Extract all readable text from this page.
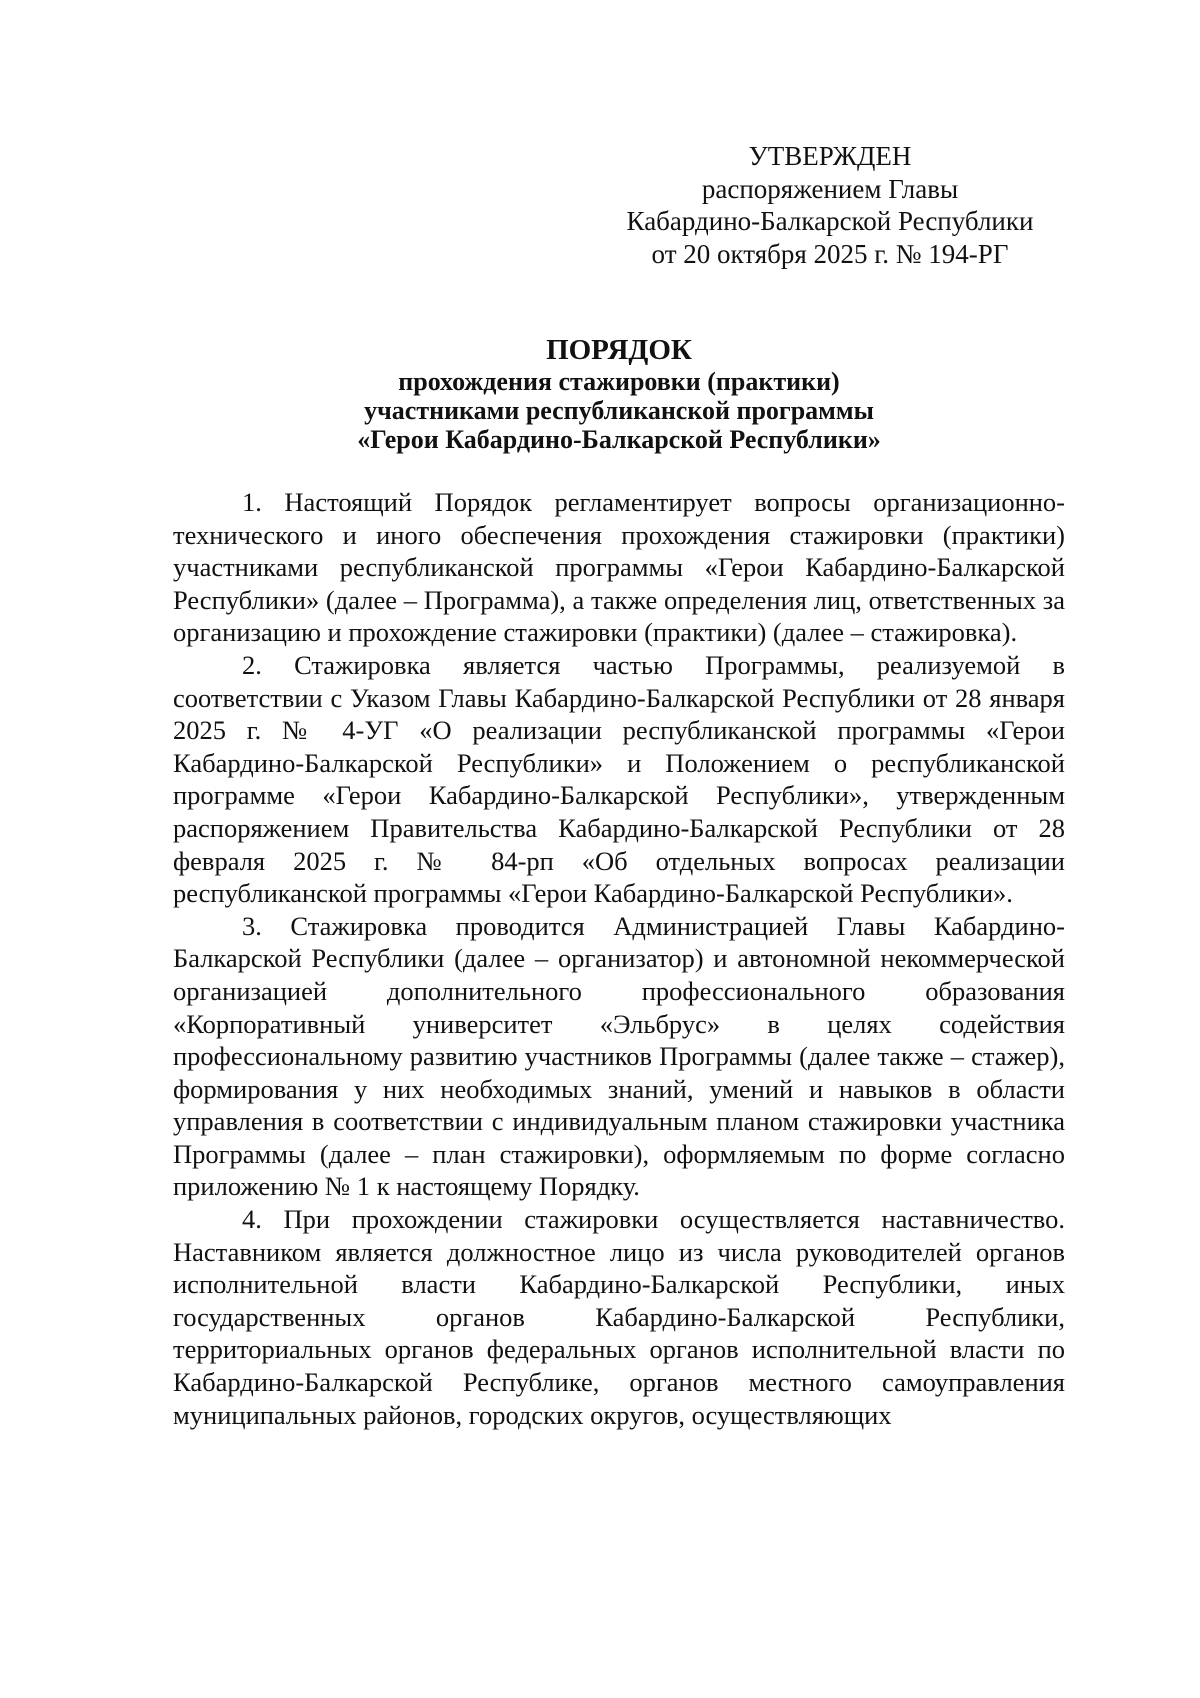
УТВЕРЖДЕН
распоряжением Главы
Кабардино-Балкарской Республики
от 20 октября 2025 г. № 194-РГ
ПОРЯДОК
прохождения стажировки (практики)
участниками республиканской программы
«Герои Кабардино-Балкарской Республики»

1. Настоящий Порядок регламентирует вопросы организационно-технического и иного обеспечения прохождения стажировки (практики) участниками республиканской программы «Герои Кабардино-Балкарской Республики» (далее – Программа), а также определения лиц, ответственных за организацию и прохождение стажировки (практики) (далее – стажировка).

2. Стажировка является частью Программы, реализуемой в соответствии с Указом Главы Кабардино-Балкарской Республики от 28 января 2025 г. № 4-УГ «О реализации республиканской программы «Герои Кабардино-Балкарской Республики» и Положением о республиканской программе «Герои Кабардино-Балкарской Республики», утвержденным распоряжением Правительства Кабардино-Балкарской Республики от 28 февраля 2025 г. № 84-рп «Об отдельных вопросах реализации республиканской программы «Герои Кабардино-Балкарской Республики».

3. Стажировка проводится Администрацией Главы Кабардино-Балкарской Республики (далее – организатор) и автономной некоммерческой организацией дополнительного профессионального образования «Корпоративный университет «Эльбрус» в целях содействия профессиональному развитию участников Программы (далее также – стажер), формирования у них необходимых знаний, умений и навыков в области управления в соответствии с индивидуальным планом стажировки участника Программы (далее – план стажировки), оформляемым по форме согласно приложению № 1 к настоящему Порядку.

4. При прохождении стажировки осуществляется наставничество. Наставником является должностное лицо из числа руководителей органов исполнительной власти Кабардино-Балкарской Республики, иных государственных органов Кабардино-Балкарской Республики, территориальных органов федеральных органов исполнительной власти по Кабардино-Балкарской Республике, органов местного самоуправления муниципальных районов, городских округов, осуществляющих
